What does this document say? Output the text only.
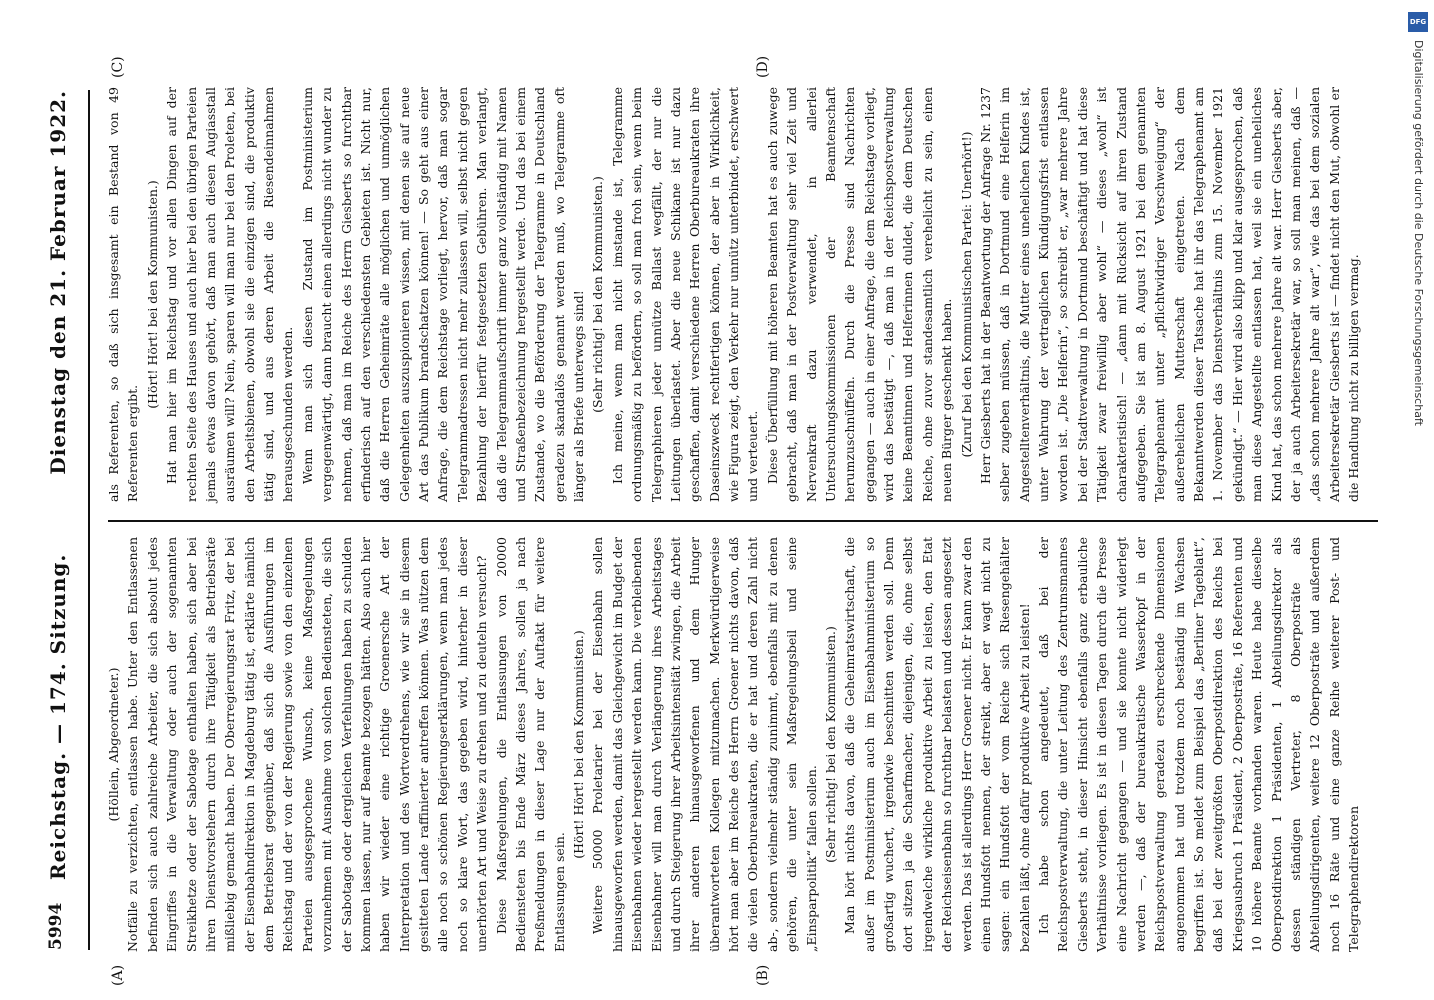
5994
Reichstag. — 174. Sitzung.
Dienstag den 21. Februar 1922.
(A)	(B)
(C)	(D)

(Höllein, Abgeordneter.) Notfälle zu verzichten, entlassen habe. Unter den Entlassenen befinden sich auch zahlreiche Arbeiter, die sich absolut jedes Eingriffes in die Verwaltung oder auch der sogenannten Streikhetze oder der Sabotage enthalten haben, sich aber bei ihren Dienstvorstehern durch ihre Tätigkeit als Betriebsräte mißliebig gemacht haben. Der Oberregierungsrat Fritz, der bei der Eisenbahndirektion in Magdeburg tätig ist, erklärte nämlich dem Betriebsrat gegenüber, daß sich die Ausführungen im Reichstag und der von der Regierung sowie von den einzelnen Parteien ausgesprochene Wunsch, keine Maßregelungen vorzunehmen mit Ausnahme von solchen Bediensteten, die sich der Sabotage oder dergleichen Verfehlungen haben zu schulden kommen lassen, nur auf Beamte bezogen hätten. Also auch hier haben wir wieder eine richtige Groenersche Art der Interpretation und des Wortverdrehens, wie wir sie in diesem gesitteten Lande raffinierter antreffen können. Was nützen dem alle noch so schönen Regierungserklärungen, wenn man jedes noch so klare Wort, das gegeben wird, hinterher in dieser unerhörten Art und Weise zu drehen und zu deuteln versucht? Diese Maßregelungen, die Entlassungen von 20000 Bediensteten bis Ende März dieses Jahres, sollen ja nach Preßmeldungen in dieser Lage nur der Auftakt für weitere Entlassungen sein.

(Hört! Hört! bei den Kommunisten.) Weitere 50000 Proletarier bei der Eisenbahn sollen hinausgeworfen werden, damit das Gleichgewicht im Budget der Eisenbahnen wieder hergestellt werden kann. Die verbleibenden Eisenbahner will man durch Verlängerung ihres Arbeitstages und durch Steigerung ihrer Arbeitsintensität zwingen, die Arbeit ihrer anderen hinausgeworfenen und dem Hunger überantworteten Kollegen mitzumachen. Merkwürdigerweise hört man aber im Reiche des Herrn Groener nichts davon, daß die vielen Oberbureaukraten, die er hat und deren Zahl nicht ab-, sondern vielmehr ständig zunimmt, ebenfalls mit zu denen gehören, die unter sein Maßregelungsbeil und seine „Einsparpolitik“ fallen sollen. (Sehr richtig! bei den Kommunisten.) Man hört nichts davon, daß die Geheimratswirtschaft, die außer im Postministerium auch im Eisenbahnministerium so großartig wuchert, irgendwie beschnitten werden soll. Denn dort sitzen ja die Scharfmacher, diejenigen, die, ohne selbst irgendwelche wirkliche produktive Arbeit zu leisten, den Etat der Reichseisenbahn so furchtbar belasten und dessen angesetzt werden. Das ist allerdings Herr Groener nicht. Er kann zwar den einen Hundsfott nennen, der streikt, aber er wagt nicht zu sagen: ein Hundsfott der vom Reiche sich Riesengehälter bezahlen läßt, ohne dafür produktive Arbeit zu leisten! Ich habe schon angedeutet, daß bei der Reichspostverwaltung, die unter Leitung des Zentrumsmannes Giesberts steht, in dieser Hinsicht ebenfalls ganz erbauliche Verhältnisse vorliegen. Es ist in diesen Tagen durch die Presse eine Nachricht gegangen — und sie konnte nicht widerlegt werden —, daß der bureaukratische Wasserkopf in der Reichspostverwaltung geradezu erschreckende Dimensionen angenommen hat und trotzdem noch beständig im Wachsen begriffen ist. So meldet zum Beispiel das „Berliner Tageblatt“, daß bei der zweitgrößten Oberpostdirektion des Reichs bei Kriegsausbruch 1 Präsident, 2 Oberposträte, 16 Referenten und 10 höhere Beamte vorhanden waren. Heute habe dieselbe Oberpostdirektion 1 Präsidenten, 1 Abteilungsdirektor als dessen ständigen Vertreter, 8 Oberposträte als Abteilungsdirigenten, weitere 12 Oberposträte und außerdem noch 16 Räte und eine ganze Reihe weiterer Post- und Telegraphendirektoren

als Referenten, so daß sich insgesamt ein Bestand von 49 Referenten ergibt.

(Hört! Hört! bei den Kommunisten.) Hat man hier im Reichstag und vor allen Dingen auf der rechten Seite des Hauses und auch hier bei den übrigen Parteien jemals etwas davon gehört, daß man auch diesen Augiasstall ausräumen will? Nein, sparen will man nur bei den Proleten, bei den Arbeitsbienen, obwohl sie die einzigen sind, die produktiv tätig sind, und aus deren Arbeit die Riesendeinnahmen herausgeschunden werden. Wenn man sich diesen Zustand im Postministerium vergegenwärtigt, dann braucht einen allerdings nicht wunder zu nehmen, daß man im Reiche des Herrn Giesberts so furchtbar erfinderisch auf den verschiedensten Gebieten ist. Nicht nur, daß die Herren Geheimräte alle möglichen und unmöglichen Gelegenheiten auszuspionieren wissen, mit denen sie auf neue Art das Publikum brandschatzen können! — So geht aus einer Anfrage, die dem Reichstage vorliegt, hervor, daß man sogar Telegrammadressen nicht mehr zulassen will, selbst nicht gegen Bezahlung der hierfür festgesetzten Gebühren. Man verlangt, daß die Telegrammaufschrift immer ganz vollständig mit Namen und Straßenbezeichnung hergestellt werde. Und das bei einem Zustande, wo die Beförderung der Telegramme in Deutschland geradezu skandalös genannt werden muß, wo Telegramme oft länger als Briefe unterwegs sind! (Sehr richtig! bei den Kommunisten.) Ich meine, wenn man nicht imstande ist, Telegramme ordnungsmäßig zu befördern, so soll man froh sein, wenn beim Telegraphieren jeder unnütze Ballast wegfällt, der nur die Leitungen überlastet. Aber die neue Schikane ist nur dazu geschaffen, damit verschiedene Herren Oberbureaukraten ihre Daseinszweck rechtfertigen können, der aber in Wirklichkeit, wie Figura zeigt, den Verkehr nur unnütz unterbindet, erschwert und verteuert. Diese Überfüllung mit höheren Beamten hat es auch zuwege gebracht, daß man in der Postverwaltung sehr viel Zeit und Nervenkraft dazu verwendet, in allerlei Untersuchungskommissionen der Beamtenschaft herumzuschnüffeln. Durch die Presse sind Nachrichten gegangen — auch in einer Anfrage, die dem Reichstage vorliegt, wird das bestätigt —, daß man in der Reichspostverwaltung keine Beamtinnen und Helferinnen duldet, die dem Deutschen Reiche, ohne zuvor standesamtlich verehelicht zu sein, einen neuen Bürger geschenkt haben. (Zuruf bei den Kommunistischen Partei: Unerhört!) Herr Giesberts hat in der Beantwortung der Anfrage Nr. 1237 selber zugeben müssen, daß in Dortmund eine Helferin im Angestelltenverhältnis, die Mutter eines unehelichen Kindes ist, unter Wahrung der vertraglichen Kündigungsfrist entlassen worden ist. „Die Helferin“, so schreibt er, „war mehrere Jahre bei der Stadtverwaltung in Dortmund beschäftigt und hat diese Tätigkeit zwar freiwillig aber wohl“ — dieses „wohl“ ist charakteristisch! — „dann mit Rücksicht auf ihren Zustand aufgegeben. Sie ist am 8. August 1921 bei dem genannten Telegraphenamt unter „pflichtwidriger Verschweigung“ der außerehelichen Mutterschaft eingetreten. Nach dem Bekanntwerden dieser Tatsache hat ihr das Telegraphenamt am 1. November das Dienstverhältnis zum 15. November 1921 gekündigt.“ — Hier wird also klipp und klar ausgesprochen, daß man diese Angestellte entlassen hat, weil sie ein uneheliches Kind hat, das schon mehrere Jahre alt war. Herr Giesberts aber, der ja auch Arbeitersekretär war, so soll man meinen, daß — „das schon mehrere Jahre alt war“, wie das bei dem sozialen Arbeitersekretär Giesberts ist — findet nicht den Mut, obwohl er die Handlung nicht zu billigen vermag.

DFG
Digitalisierung gefördert durch die Deutsche Forschungsgemeinschaft
